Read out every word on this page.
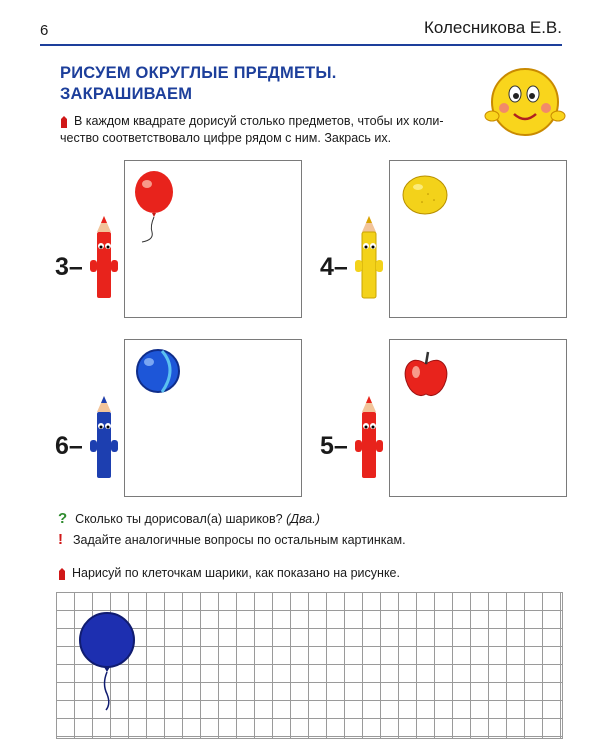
6	Колесникова Е.В.
РИСУЕМ ОКРУГЛЫЕ ПРЕДМЕТЫ.
ЗАКРАШИВАЕМ
В каждом квадрате дорисуй столько предметов, чтобы их коли-
чество соответствовало цифре рядом с ним. Закрась их.
3–	4–
6–	5–
? Сколько ты дорисовал(а) шариков? (Два.)
! Задайте аналогичные вопросы по остальным картинкам.
Нарисуй по клеточкам шарики, как показано на рисунке.
